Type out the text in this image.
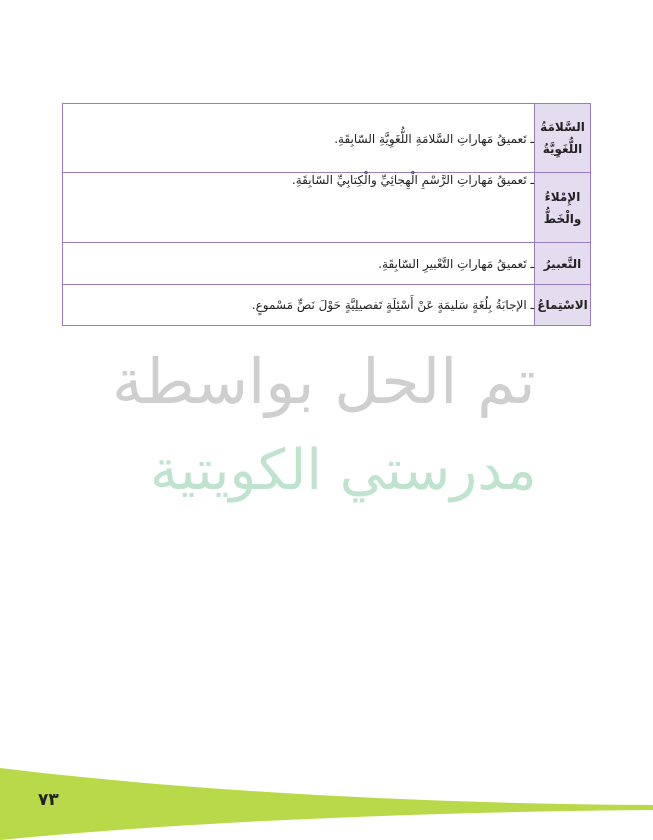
السَّلامَةُ اللُّغَوِيَّةُ	ـ تَعميقُ مَهاراتِ السَّلامَةِ اللُّغَوِيَّةِ السّابِقَةِ.
الإِمْلاءُ والْخَطُّ	ـ تَعميقُ مَهاراتِ الرَّسْمِ الْهِجائِيِّ والْكِتابِيِّ السّابِقَةِ.
التَّعبيرُ	ـ تَعميقُ مَهاراتِ التَّعْبيرِ السّابِقَةِ.
الاسْتِماعُ	ـ الإجابَةُ بِلُغَةٍ سَليمَةٍ عَنْ أَسْئِلَةٍ تَفصيلِيَّةٍ حَوْلَ نَصٍّ مَسْموعٍ.
تم الحل بواسطة
مدرستي الكويتية
٧٣
